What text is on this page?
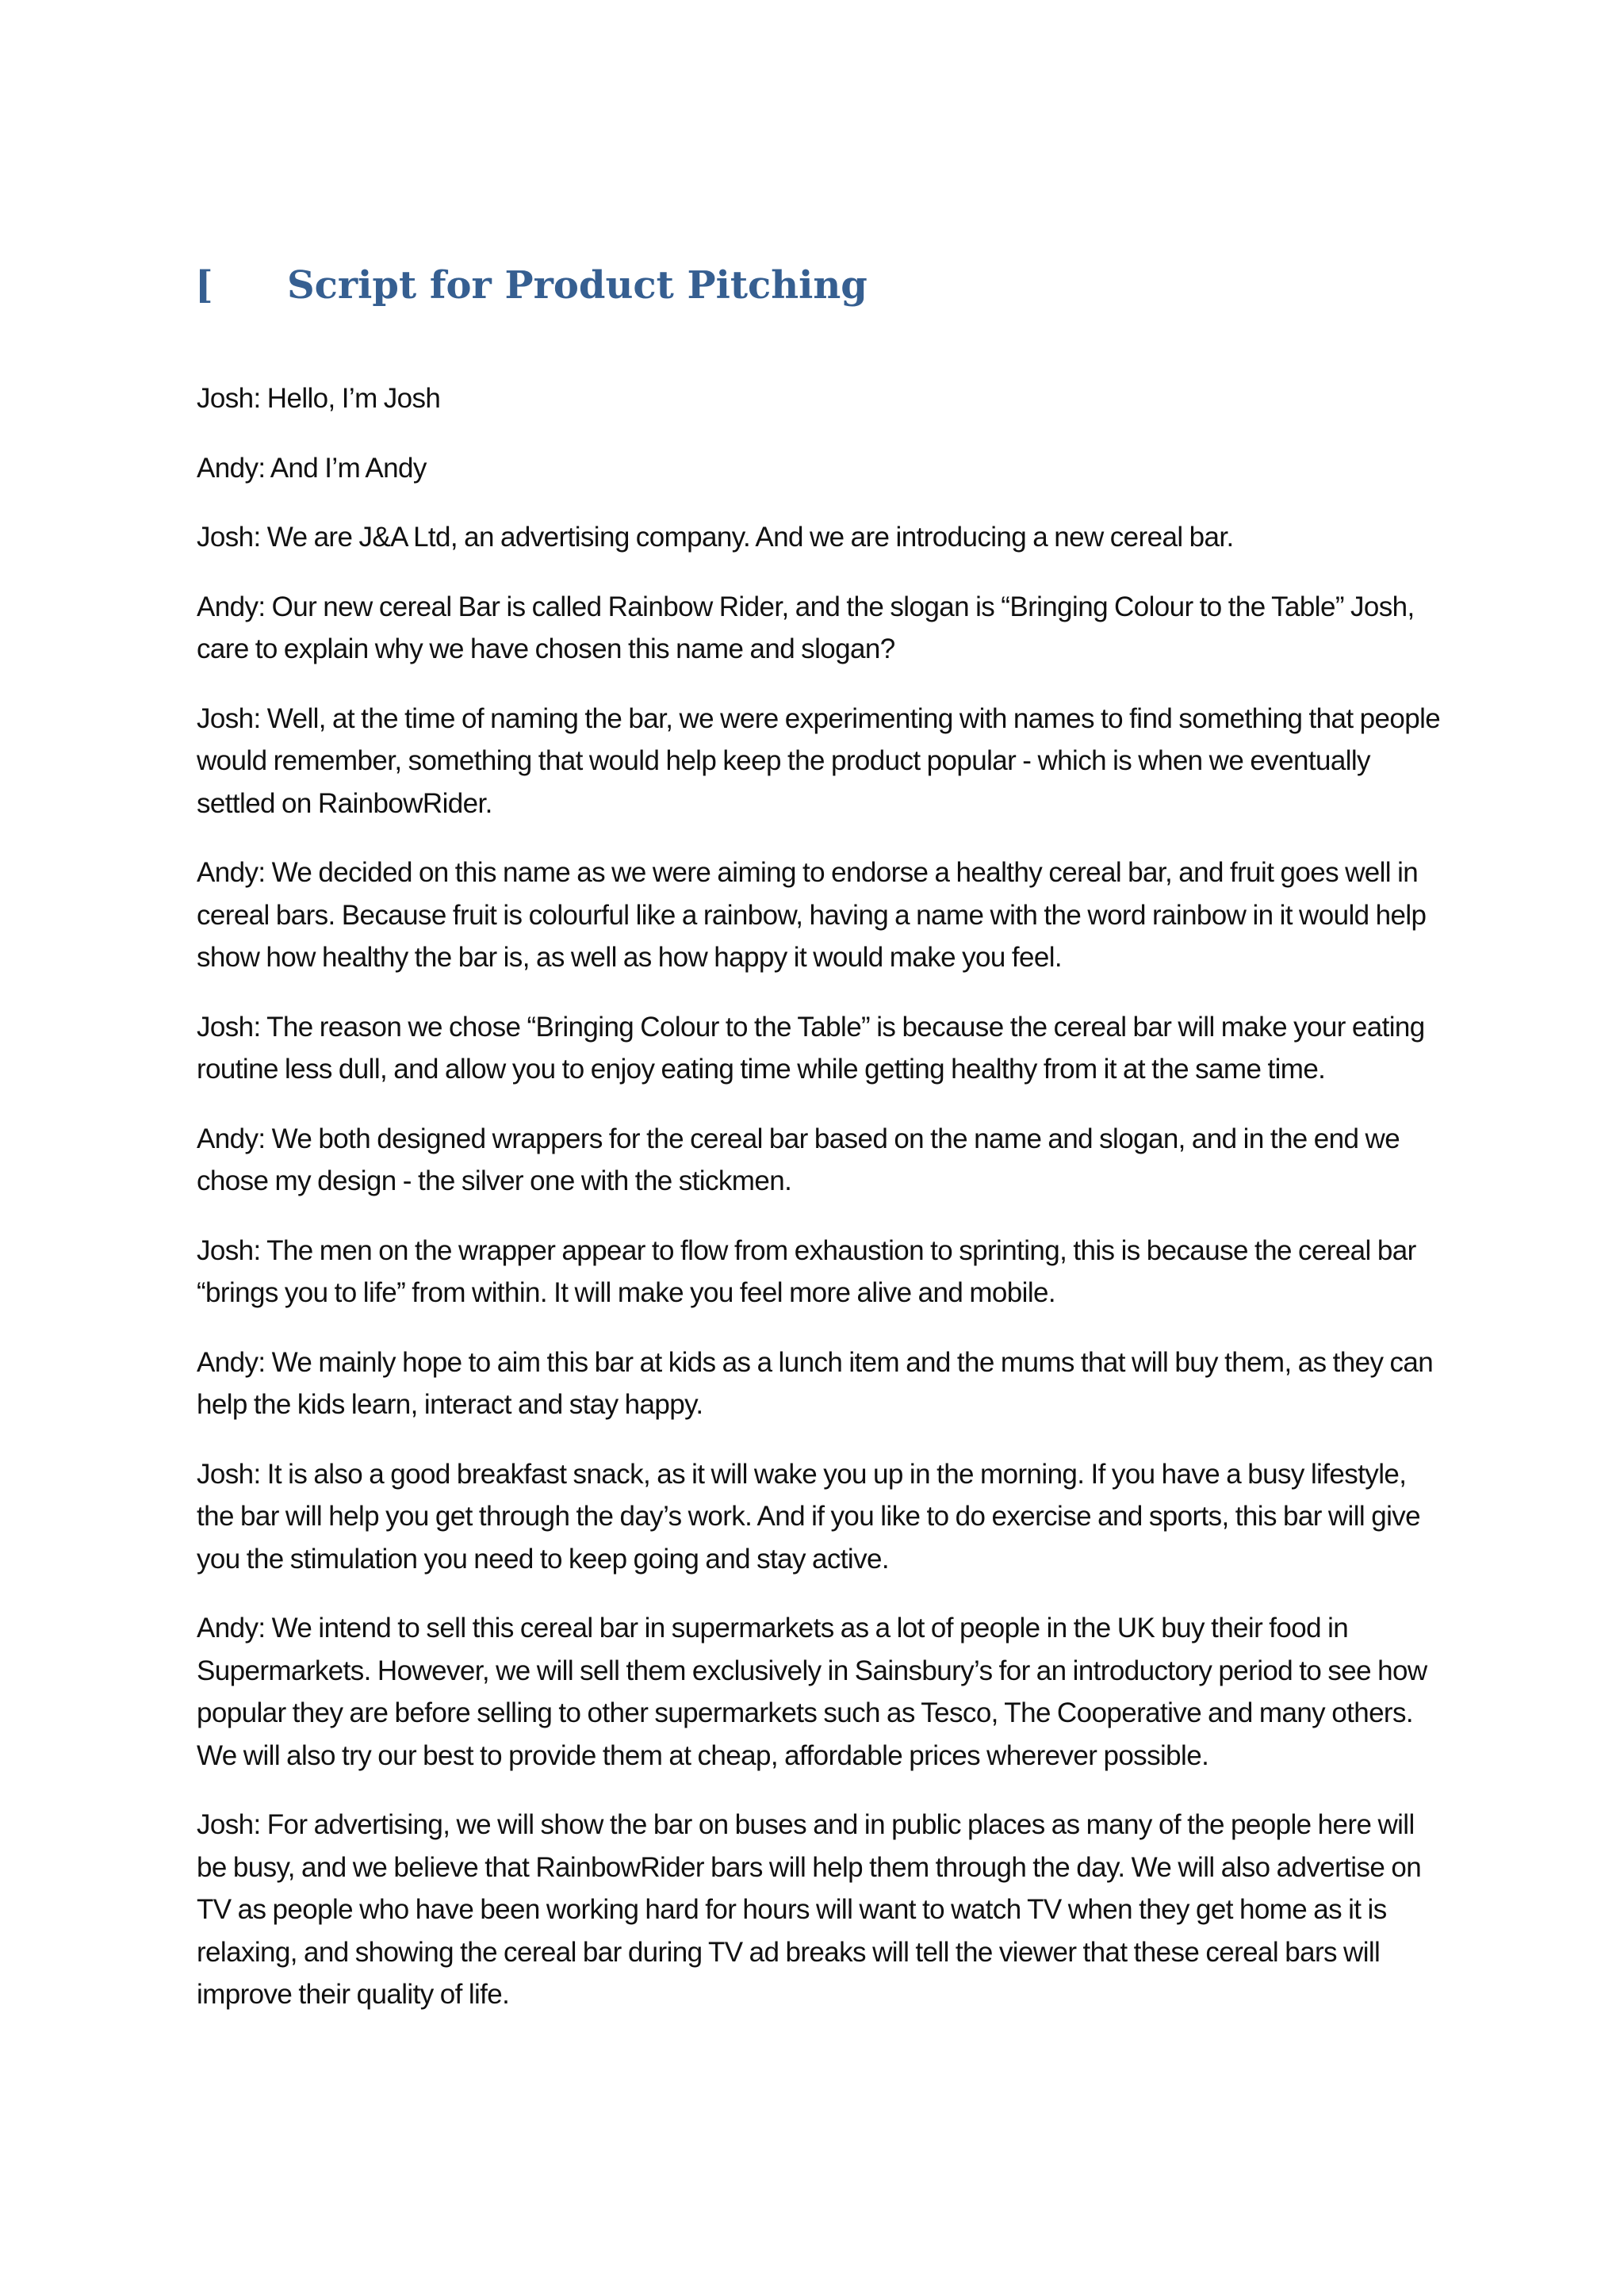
[ Script for Product Pitching

Josh: Hello, I’m Josh

Andy: And I’m Andy

Josh: We are J&A Ltd, an advertising company. And we are introducing a new cereal bar.

Andy: Our new cereal Bar is called Rainbow Rider, and the slogan is “Bringing Colour to the Table” Josh, care to explain why we have chosen this name and slogan?

Josh: Well, at the time of naming the bar, we were experimenting with names to find something that people would remember, something that would help keep the product popular - which is when we eventually settled on RainbowRider.

Andy: We decided on this name as we were aiming to endorse a healthy cereal bar, and fruit goes well in cereal bars. Because fruit is colourful like a rainbow, having a name with the word rainbow in it would help show how healthy the bar is, as well as how happy it would make you feel.

Josh: The reason we chose “Bringing Colour to the Table” is because the cereal bar will make your eating routine less dull, and allow you to enjoy eating time while getting healthy from it at the same time.

Andy: We both designed wrappers for the cereal bar based on the name and slogan, and in the end we chose my design - the silver one with the stickmen.

Josh: The men on the wrapper appear to flow from exhaustion to sprinting, this is because the cereal bar “brings you to life” from within. It will make you feel more alive and mobile.

Andy: We mainly hope to aim this bar at kids as a lunch item and the mums that will buy them, as they can help the kids learn, interact and stay happy.

Josh: It is also a good breakfast snack, as it will wake you up in the morning. If you have a busy lifestyle, the bar will help you get through the day’s work. And if you like to do exercise and sports, this bar will give you the stimulation you need to keep going and stay active.

Andy: We intend to sell this cereal bar in supermarkets as a lot of people in the UK buy their food in Supermarkets. However, we will sell them exclusively in Sainsbury’s for an introductory period to see how popular they are before selling to other supermarkets such as Tesco, The Cooperative and many others. We will also try our best to provide them at cheap, affordable prices wherever possible.

Josh: For advertising, we will show the bar on buses and in public places as many of the people here will be busy, and we believe that RainbowRider bars will help them through the day. We will also advertise on TV as people who have been working hard for hours will want to watch TV when they get home as it is relaxing, and showing the cereal bar during TV ad breaks will tell the viewer that these cereal bars will improve their quality of life.
